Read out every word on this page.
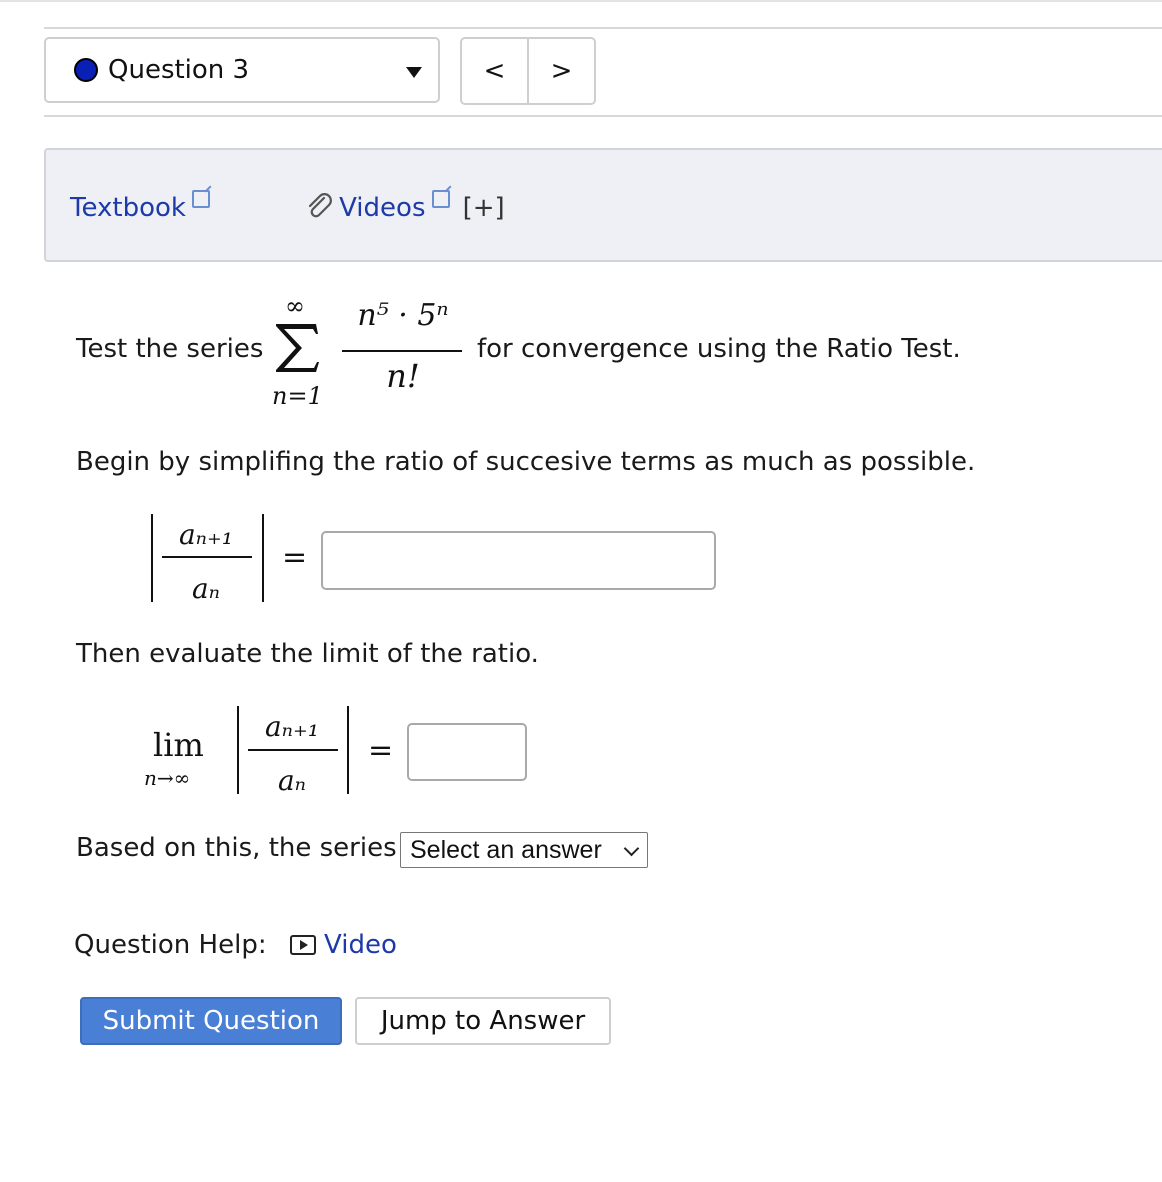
Question 3	<	>
Textbook	Videos [+]
Test the series
∞
n=1
n⁵ · 5ⁿ
n!
for convergence using the Ratio Test.
Begin by simplifing the ratio of succesive terms as much as possible.
aₙ₊₁
aₙ
=
Then evaluate the limit of the ratio.
lim
n→∞
aₙ₊₁
aₙ
=
Based on this, the series Select an answer
Question Help:	Video
Submit Question	Jump to Answer
